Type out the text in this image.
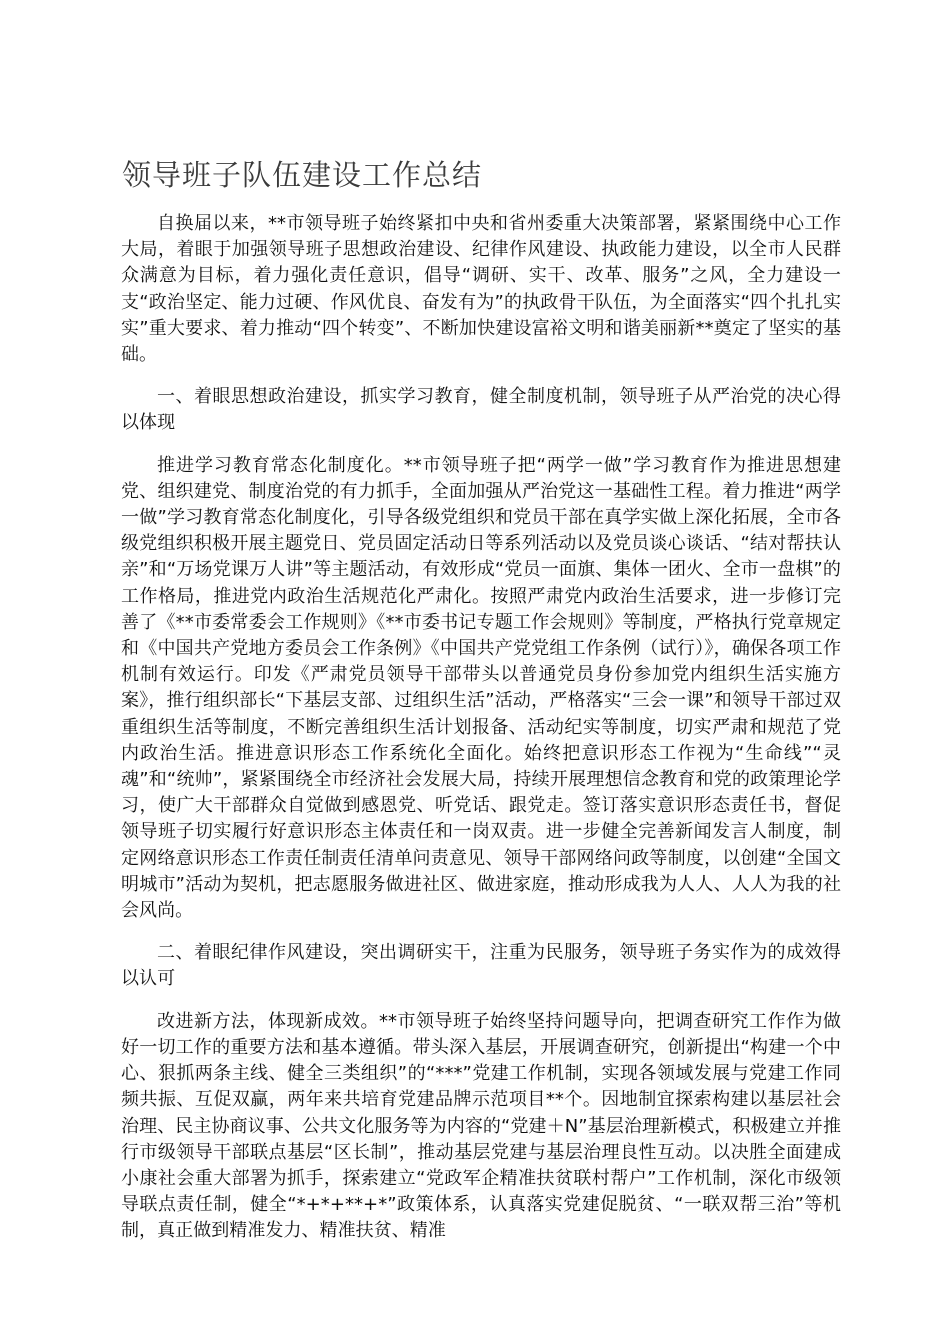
领导班子队伍建设工作总结

自换届以来，**市领导班子始终紧扣中央和省州委重大决策部署，紧紧围绕中心工作大局，着眼于加强领导班子思想政治建设、纪律作风建设、执政能力建设，以全市人民群众满意为目标，着力强化责任意识，倡导“调研、实干、改革、服务”之风，全力建设一支“政治坚定、能力过硬、作风优良、奋发有为”的执政骨干队伍，为全面落实“四个扎扎实实”重大要求、着力推动“四个转变”、不断加快建设富裕文明和谐美丽新**奠定了坚实的基础。

一、着眼思想政治建设，抓实学习教育，健全制度机制，领导班子从严治党的决心得以体现

推进学习教育常态化制度化。**市领导班子把“两学一做”学习教育作为推进思想建党、组织建党、制度治党的有力抓手，全面加强从严治党这一基础性工程。着力推进“两学一做”学习教育常态化制度化，引导各级党组织和党员干部在真学实做上深化拓展，全市各级党组织积极开展主题党日、党员固定活动日等系列活动以及党员谈心谈话、“结对帮扶认亲”和“万场党课万人讲”等主题活动，有效形成“党员一面旗、集体一团火、全市一盘棋”的工作格局，推进党内政治生活规范化严肃化。按照严肃党内政治生活要求，进一步修订完善了《**市委常委会工作规则》《**市委书记专题工作会规则》等制度，严格执行党章规定和《中国共产党地方委员会工作条例》《中国共产党党组工作条例（试行）》，确保各项工作机制有效运行。印发《严肃党员领导干部带头以普通党员身份参加党内组织生活实施方案》，推行组织部长“下基层支部、过组织生活”活动，严格落实“三会一课”和领导干部过双重组织生活等制度，不断完善组织生活计划报备、活动纪实等制度，切实严肃和规范了党内政治生活。推进意识形态工作系统化全面化。始终把意识形态工作视为“生命线”“灵魂”和“统帅”，紧紧围绕全市经济社会发展大局，持续开展理想信念教育和党的政策理论学习，使广大干部群众自觉做到感恩党、听党话、跟党走。签订落实意识形态责任书，督促领导班子切实履行好意识形态主体责任和一岗双责。进一步健全完善新闻发言人制度，制定网络意识形态工作责任制责任清单问责意见、领导干部网络问政等制度，以创建“全国文明城市”活动为契机，把志愿服务做进社区、做进家庭，推动形成我为人人、人人为我的社会风尚。

二、着眼纪律作风建设，突出调研实干，注重为民服务，领导班子务实作为的成效得以认可

改进新方法，体现新成效。**市领导班子始终坚持问题导向，把调查研究工作作为做好一切工作的重要方法和基本遵循。带头深入基层，开展调查研究，创新提出“构建一个中心、狠抓两条主线、健全三类组织”的“***”党建工作机制，实现各领域发展与党建工作同频共振、互促双赢，两年来共培育党建品牌示范项目**个。因地制宜探索构建以基层社会治理、民主协商议事、公共文化服务等为内容的“党建＋N”基层治理新模式，积极建立并推行市级领导干部联点基层“区长制”，推动基层党建与基层治理良性互动。以决胜全面建成小康社会重大部署为抓手，探索建立“党政军企精准扶贫联村帮户”工作机制，深化市级领导联点责任制，健全“*+*+**+*”政策体系，认真落实党建促脱贫、“一联双帮三治”等机制，真正做到精准发力、精准扶贫、精准
